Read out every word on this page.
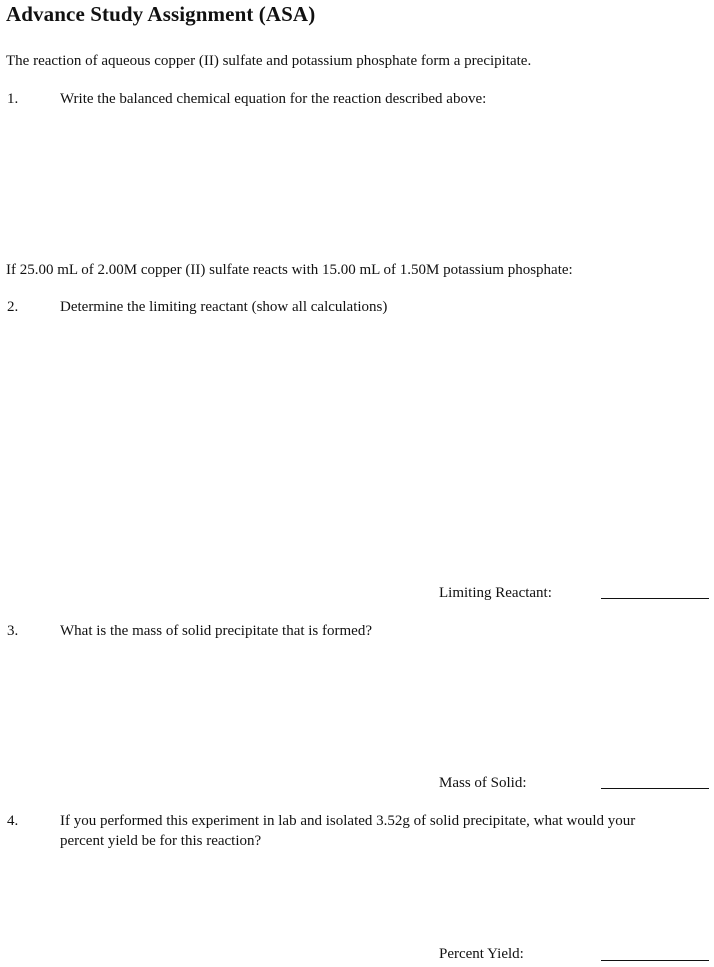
Advance Study Assignment (ASA)
The reaction of aqueous copper (II) sulfate and potassium phosphate form a precipitate.
1.	Write the balanced chemical equation for the reaction described above:
If 25.00 mL of 2.00M copper (II) sulfate reacts with 15.00 mL of 1.50M potassium phosphate:
2.	Determine the limiting reactant (show all calculations)
Limiting Reactant:
3.	What is the mass of solid precipitate that is formed?
Mass of Solid:
4.	If you performed this experiment in lab and isolated 3.52g of solid precipitate, what would your
percent yield be for this reaction?
Percent Yield:
